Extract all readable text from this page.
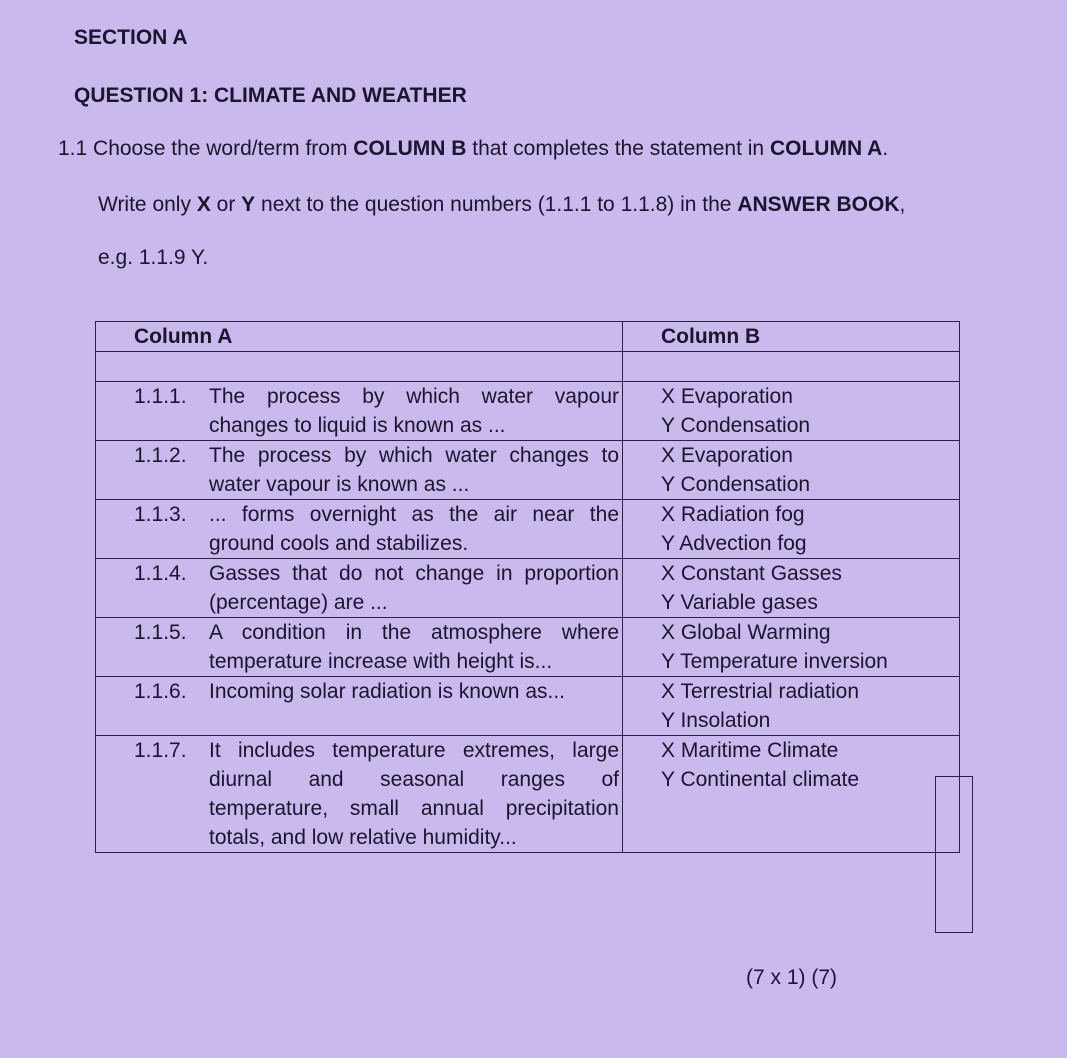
SECTION A
QUESTION 1: CLIMATE AND WEATHER
1.1 Choose the word/term from COLUMN B that completes the statement in COLUMN A.
Write only X or Y next to the question numbers (1.1.1 to 1.1.8) in the ANSWER BOOK,
e.g. 1.1.9 Y.
Column A	Column B

1.1.1. The process by which water vapour changes to liquid is known as ...	
X Evaporation
Y Condensation

1.1.2. The process by which water changes to water vapour is known as ...	
X Evaporation
Y Condensation

1.1.3. ... forms overnight as the air near the ground cools and stabilizes.	
X Radiation fog
Y Advection fog

1.1.4. Gasses that do not change in proportion (percentage) are ...	
X Constant Gasses
Y Variable gases

1.1.5. A condition in the atmosphere where temperature increase with height is...	
X Global Warming
Y Temperature inversion

1.1.6. Incoming solar radiation is known as...	X Terrestrial radiation
Y Insolation

1.1.7. It includes temperature extremes, large diurnal and seasonal ranges of temperature, small annual precipitation totals, and low relative humidity...	
X Maritime Climate
Y Continental climate
(7 x 1) (7)
